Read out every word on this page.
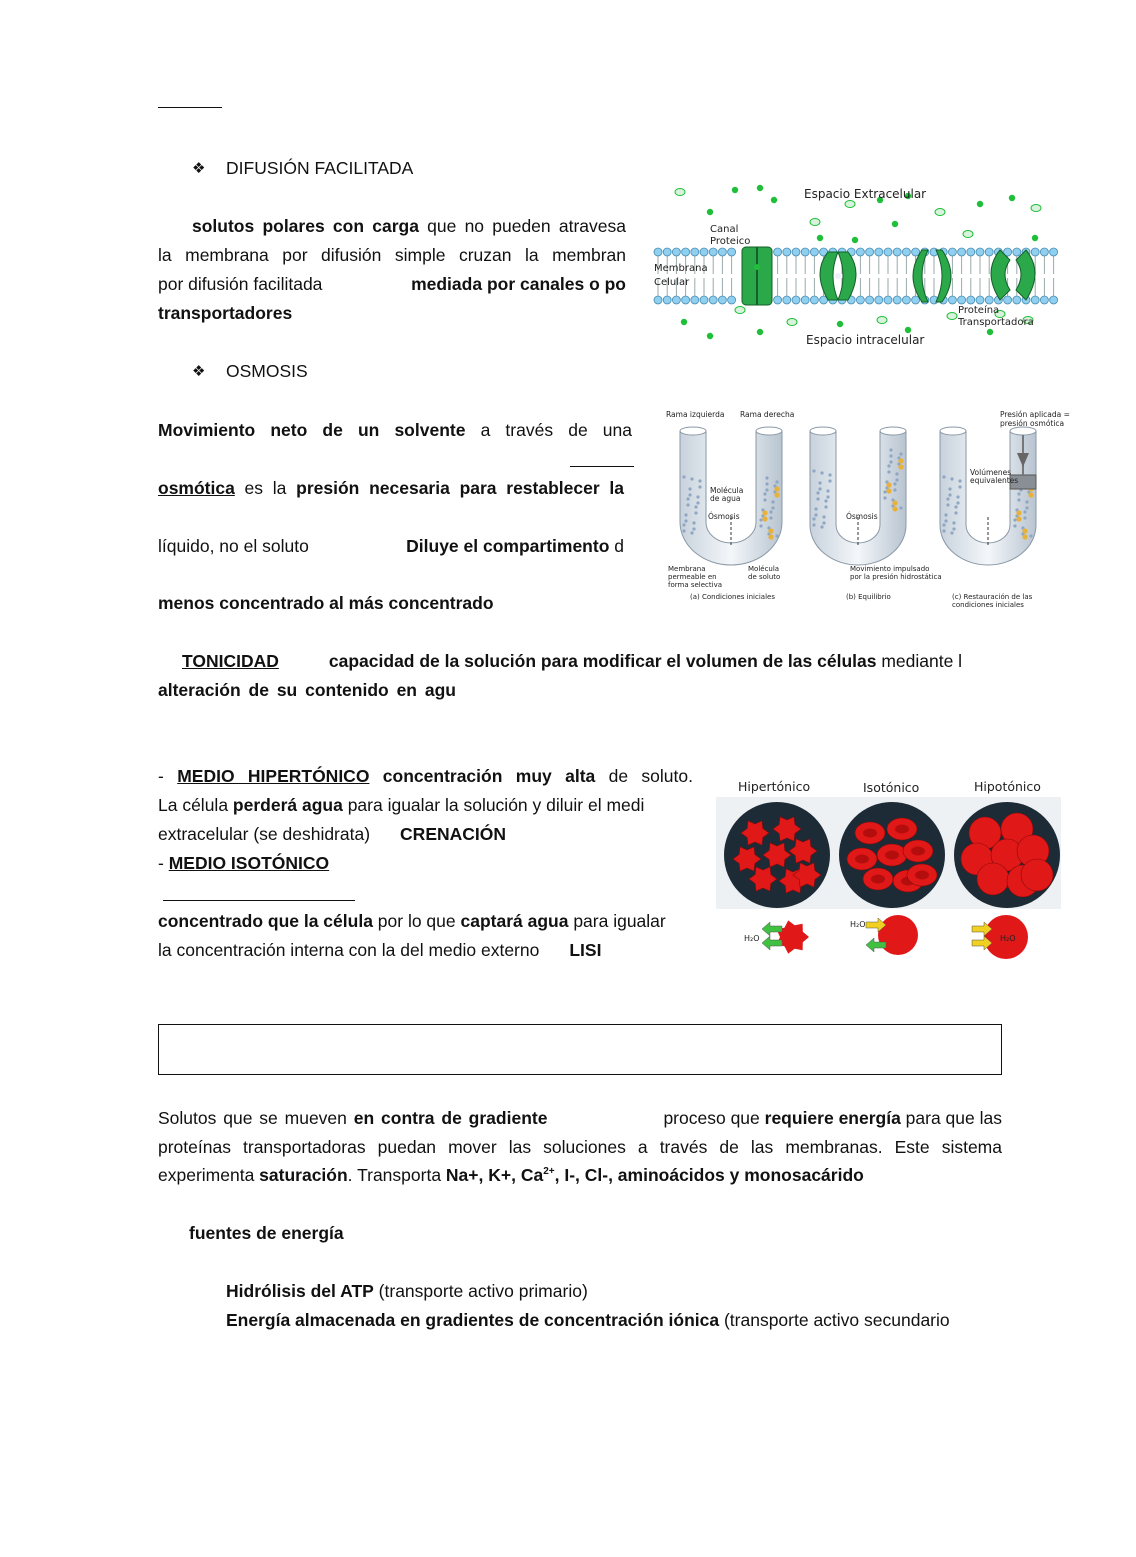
❖ DIFUSIÓN FACILITADA
solutos polares con carga que no pueden atravesa
la membrana por difusión simple cruzan la membran
por difusión facilitada	mediada por canales o po
transportadores
Espacio Extracelular
Espacio intracelular
Canal
Proteico
Membrana
Celular
Proteína
Transportadora
❖ OSMOSIS
Movimiento neto de un solvente a través de una
osmótica es la presión necesaria para restablecer la
líquido, no el soluto	Diluye el compartimento d
menos concentrado al más concentrado
Rama izquierda Rama derecha	Presión aplicada =
presión osmótica
Molécula
de agua
Ósmosis	Ósmosis
Volúmenes
equivalentes
Membrana
permeable en
forma selectiva
Molécula
de soluto
Movimiento impulsado
por la presión hidrostática
(a) Condiciones iniciales	(b) Equilibrio	(c) Restauración de las
condiciones iniciales
TONICIDAD	capacidad de la solución para modificar el volumen de las células mediante l
alteración de su contenido en agu
- MEDIO HIPERTÓNICO concentración muy alta de soluto.
La célula perderá agua para igualar la solución y diluir el medi
extracelular (se deshidrata) CRENACIÓN
- MEDIO ISOTÓNICO
concentrado que la célula por lo que captará agua para igualar
la concentración interna con la del medio externo LISI
Hipertónico	Isotónico	Hipotónico
H₂O
H₂O
H₂O
Solutos que se mueven en contra de gradiente	proceso que requiere energía para que las
proteínas transportadoras puedan mover las soluciones a través de las membranas. Este sistema
experimenta saturación. Transporta Na+, K+, $Ca^{2+}$, I-, Cl-, aminoácidos y monosacárido
fuentes de energía
Hidrólisis del ATP (transporte activo primario)
Energía almacenada en gradientes de concentración iónica (transporte activo secundario
